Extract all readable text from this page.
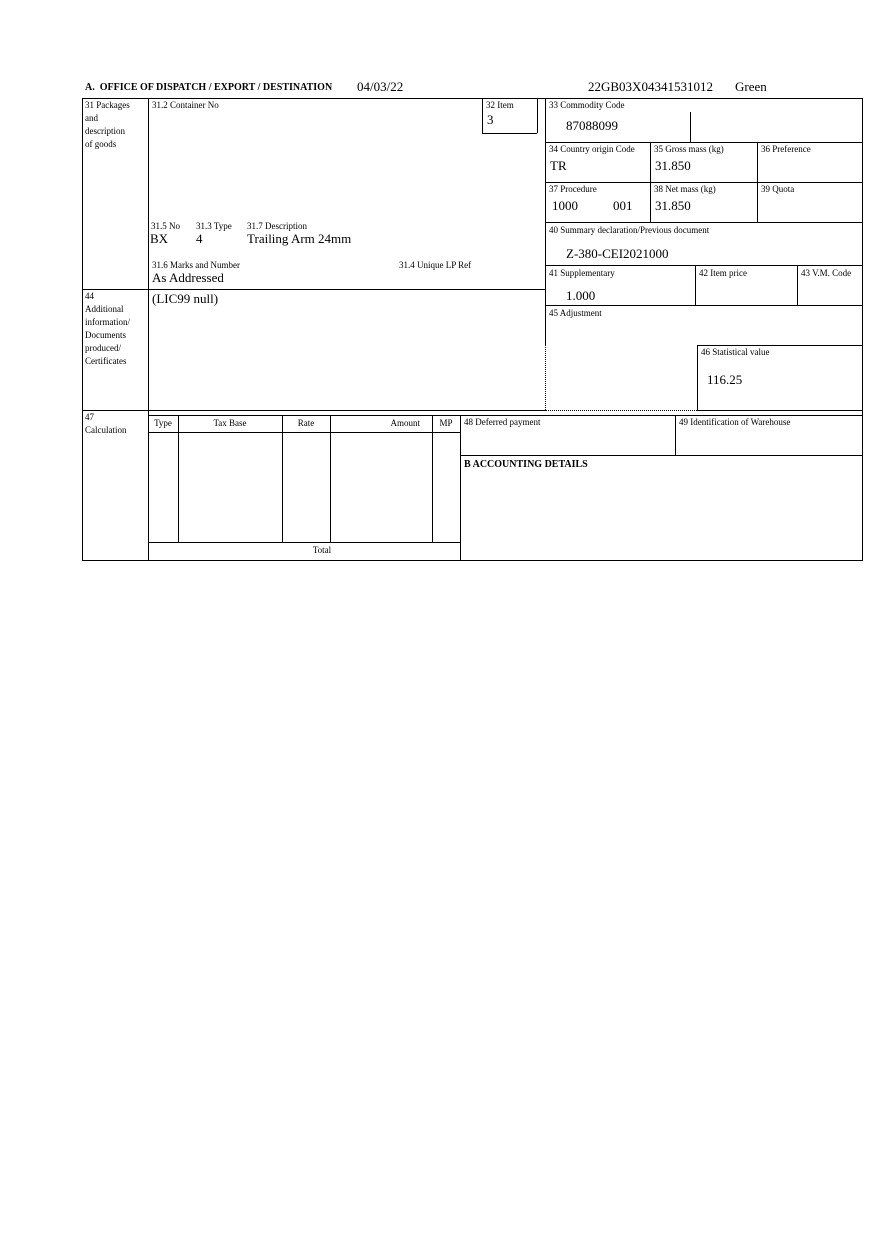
A.  OFFICE OF DISPATCH / EXPORT / DESTINATION 04/03/22	22GB03X04341531012 Green
31 Packages
and
description
of goods
31.2 Container No	32 Item
3
33 Commodity Code
87088099
34 Country origin Code
TR
35 Gross mass (kg)
31.850
36 Preference
37 Procedure
1000	001
38 Net mass (kg)
31.850
39 Quota
31.5 No 31.3 Type 31.7 Description
BX 4	Trailing Arm 24mm
40 Summary declaration/Previous document
Z-380-CEI2021000
31.6 Marks and Number	31.4 Unique LP Ref
As Addressed	41 Supplementary
1.000
42 Item price	43 V.M. Code
44
Additional
information/
Documents
produced/
Certificates
(LIC99 null)
45 Adjustment
46 Statistical value
116.25
47
Calculation
Type	Tax Base	Rate	Amount	MP
Total
48 Deferred payment	49 Identification of Warehouse
B ACCOUNTING DETAILS
